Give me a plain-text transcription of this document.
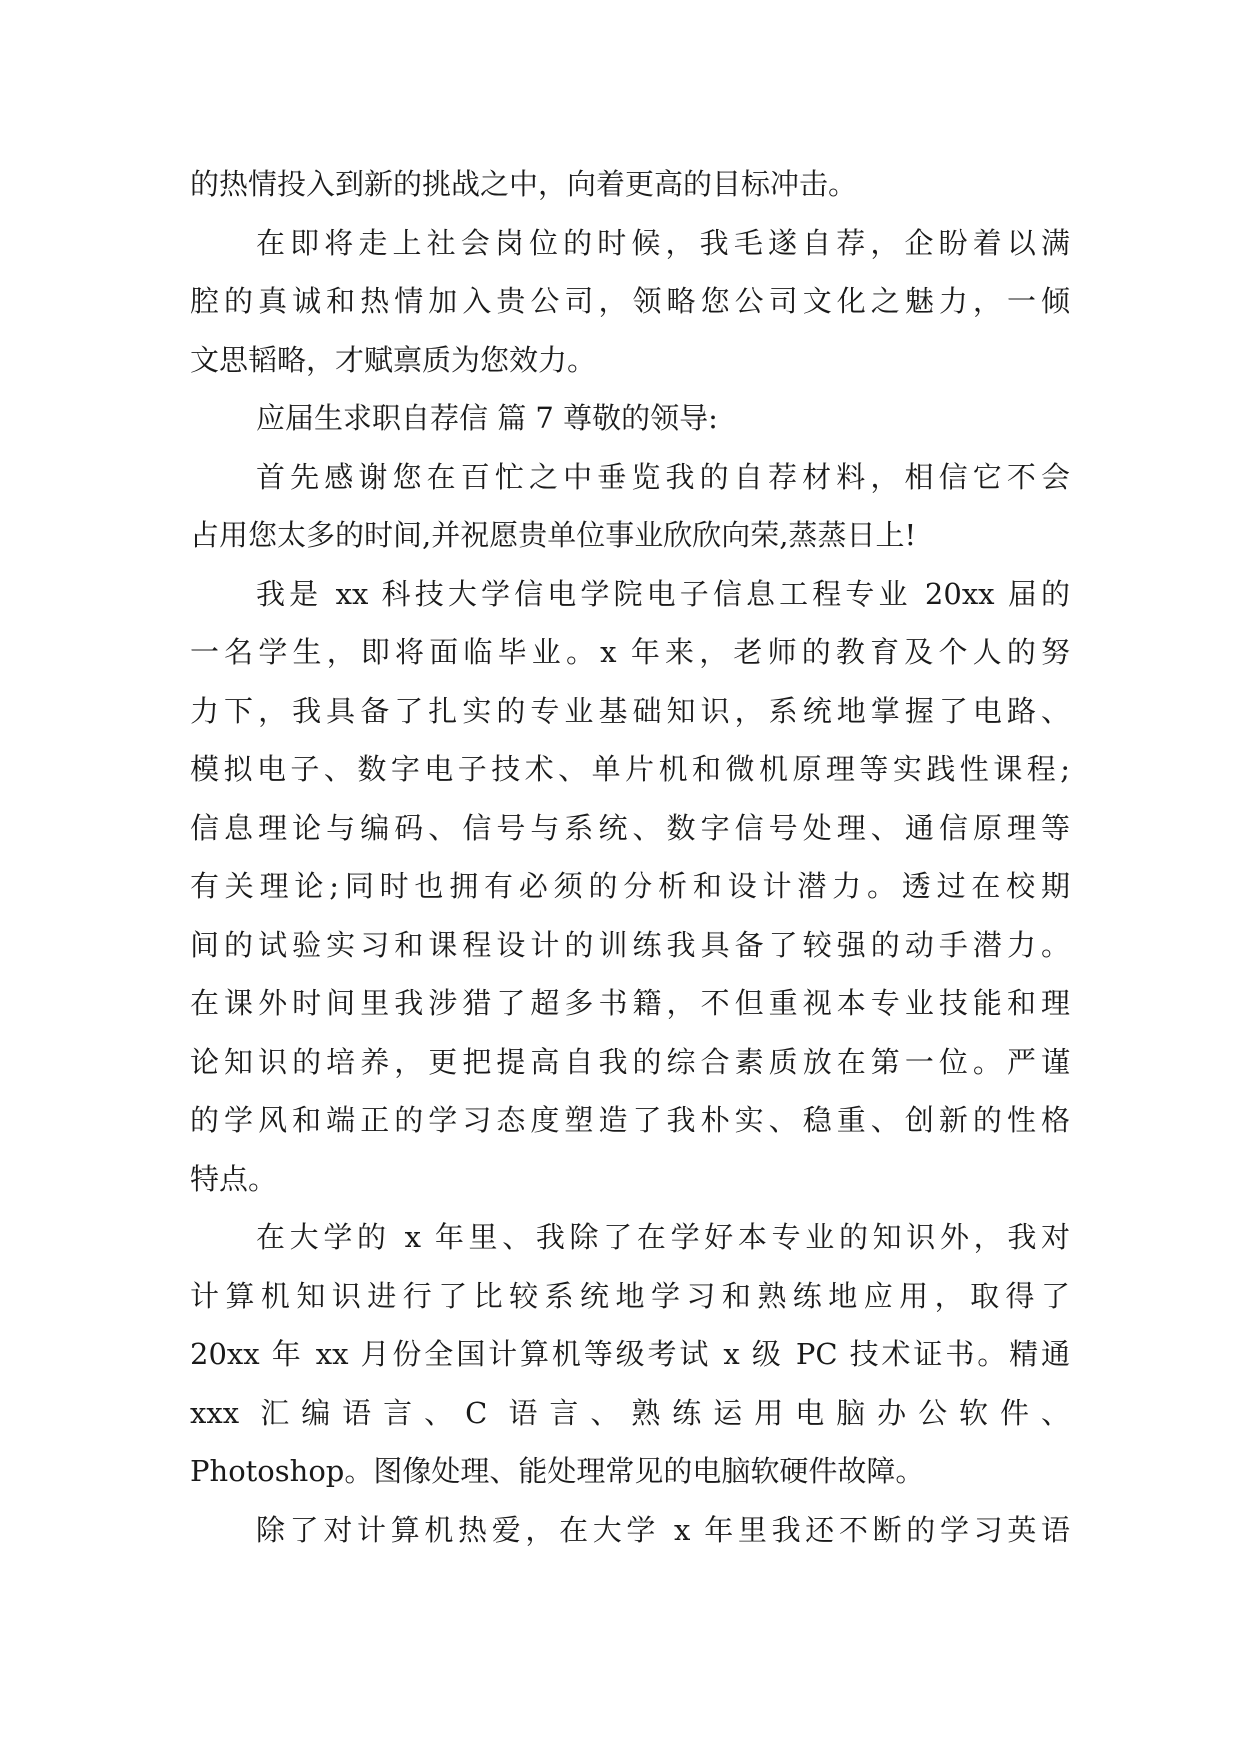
的热情投入到新的挑战之中，向着更高的目标冲击。
在即将走上社会岗位的时候，我毛遂自荐，企盼着以满
腔的真诚和热情加入贵公司，领略您公司文化之魅力，一倾
文思韬略，才赋禀质为您效力。
应届生求职自荐信 篇 7 尊敬的领导:
首先感谢您在百忙之中垂览我的自荐材料，相信它不会
占用您太多的时间,并祝愿贵单位事业欣欣向荣,蒸蒸日上!
我是 xx 科技大学信电学院电子信息工程专业 20xx 届的
一名学生，即将面临毕业。x 年来，老师的教育及个人的努
力下，我具备了扎实的专业基础知识，系统地掌握了电路、
模拟电子、数字电子技术、单片机和微机原理等实践性课程;
信息理论与编码、信号与系统、数字信号处理、通信原理等
有关理论;同时也拥有必须的分析和设计潜力。透过在校期
间的试验实习和课程设计的训练我具备了较强的动手潜力。
在课外时间里我涉猎了超多书籍，不但重视本专业技能和理
论知识的培养，更把提高自我的综合素质放在第一位。严谨
的学风和端正的学习态度塑造了我朴实、稳重、创新的性格
特点。
在大学的 x 年里、我除了在学好本专业的知识外，我对
计算机知识进行了比较系统地学习和熟练地应用，取得了
20xx 年 xx 月份全国计算机等级考试 x 级 PC 技术证书。精通
xxx 汇编语言、C 语言、熟练运用电脑办公软件、
Photoshop。图像处理、能处理常见的电脑软硬件故障。
除了对计算机热爱，在大学 x 年里我还不断的学习英语
